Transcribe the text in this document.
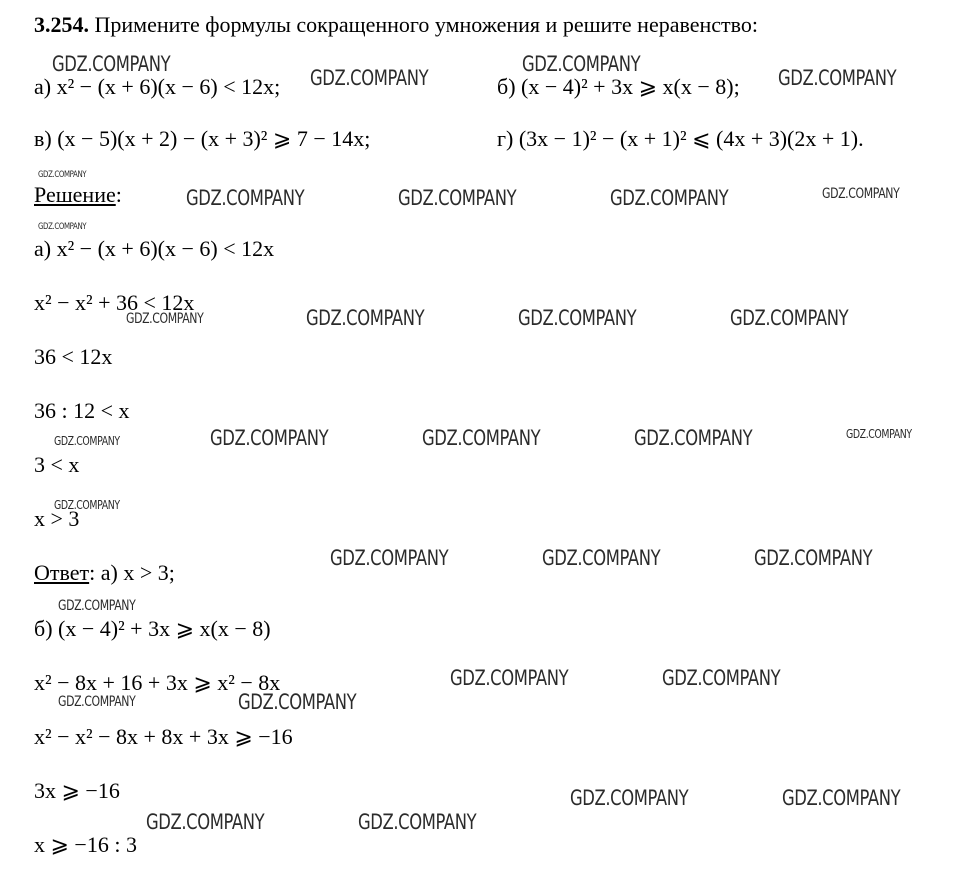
3.254. Примените формулы сокращенного умножения и решите неравенство:
а) x² − (x + 6)(x − 6) < 12x;	б) (x − 4)² + 3x ⩾ x(x − 8);
в) (x − 5)(x + 2) − (x + 3)² ⩾ 7 − 14x;	г) (3x − 1)² − (x + 1)² ⩽ (4x + 3)(2x + 1).
Решение:
а) x² − (x + 6)(x − 6) < 12x
x² − x² + 36 < 12x
36 < 12x
36 : 12 < x
3 < x
x > 3
Ответ: а) x > 3;
б) (x − 4)² + 3x ⩾ x(x − 8)
x² − 8x + 16 + 3x ⩾ x² − 8x
x² − x² − 8x + 8x + 3x ⩾ −16
3x ⩾ −16
x ⩾ −16 : 3
GDZ.COMPANY
GDZ.COMPANY
GDZ.COMPANY
GDZ.COMPANY
GDZ.COMPANY
GDZ.COMPANY	GDZ.COMPANY	GDZ.COMPANY	GDZ.COMPANY
GDZ.COMPANY
GDZ.COMPANY	GDZ.COMPANY	GDZ.COMPANY	GDZ.COMPANY
GDZ.COMPANY	GDZ.COMPANY	GDZ.COMPANY	GDZ.COMPANY	GDZ.COMPANY
GDZ.COMPANY
GDZ.COMPANY	GDZ.COMPANY	GDZ.COMPANY
GDZ.COMPANY
GDZ.COMPANY	GDZ.COMPANY
GDZ.COMPANY	GDZ.COMPANY
GDZ.COMPANY	GDZ.COMPANY
GDZ.COMPANY	GDZ.COMPANY
